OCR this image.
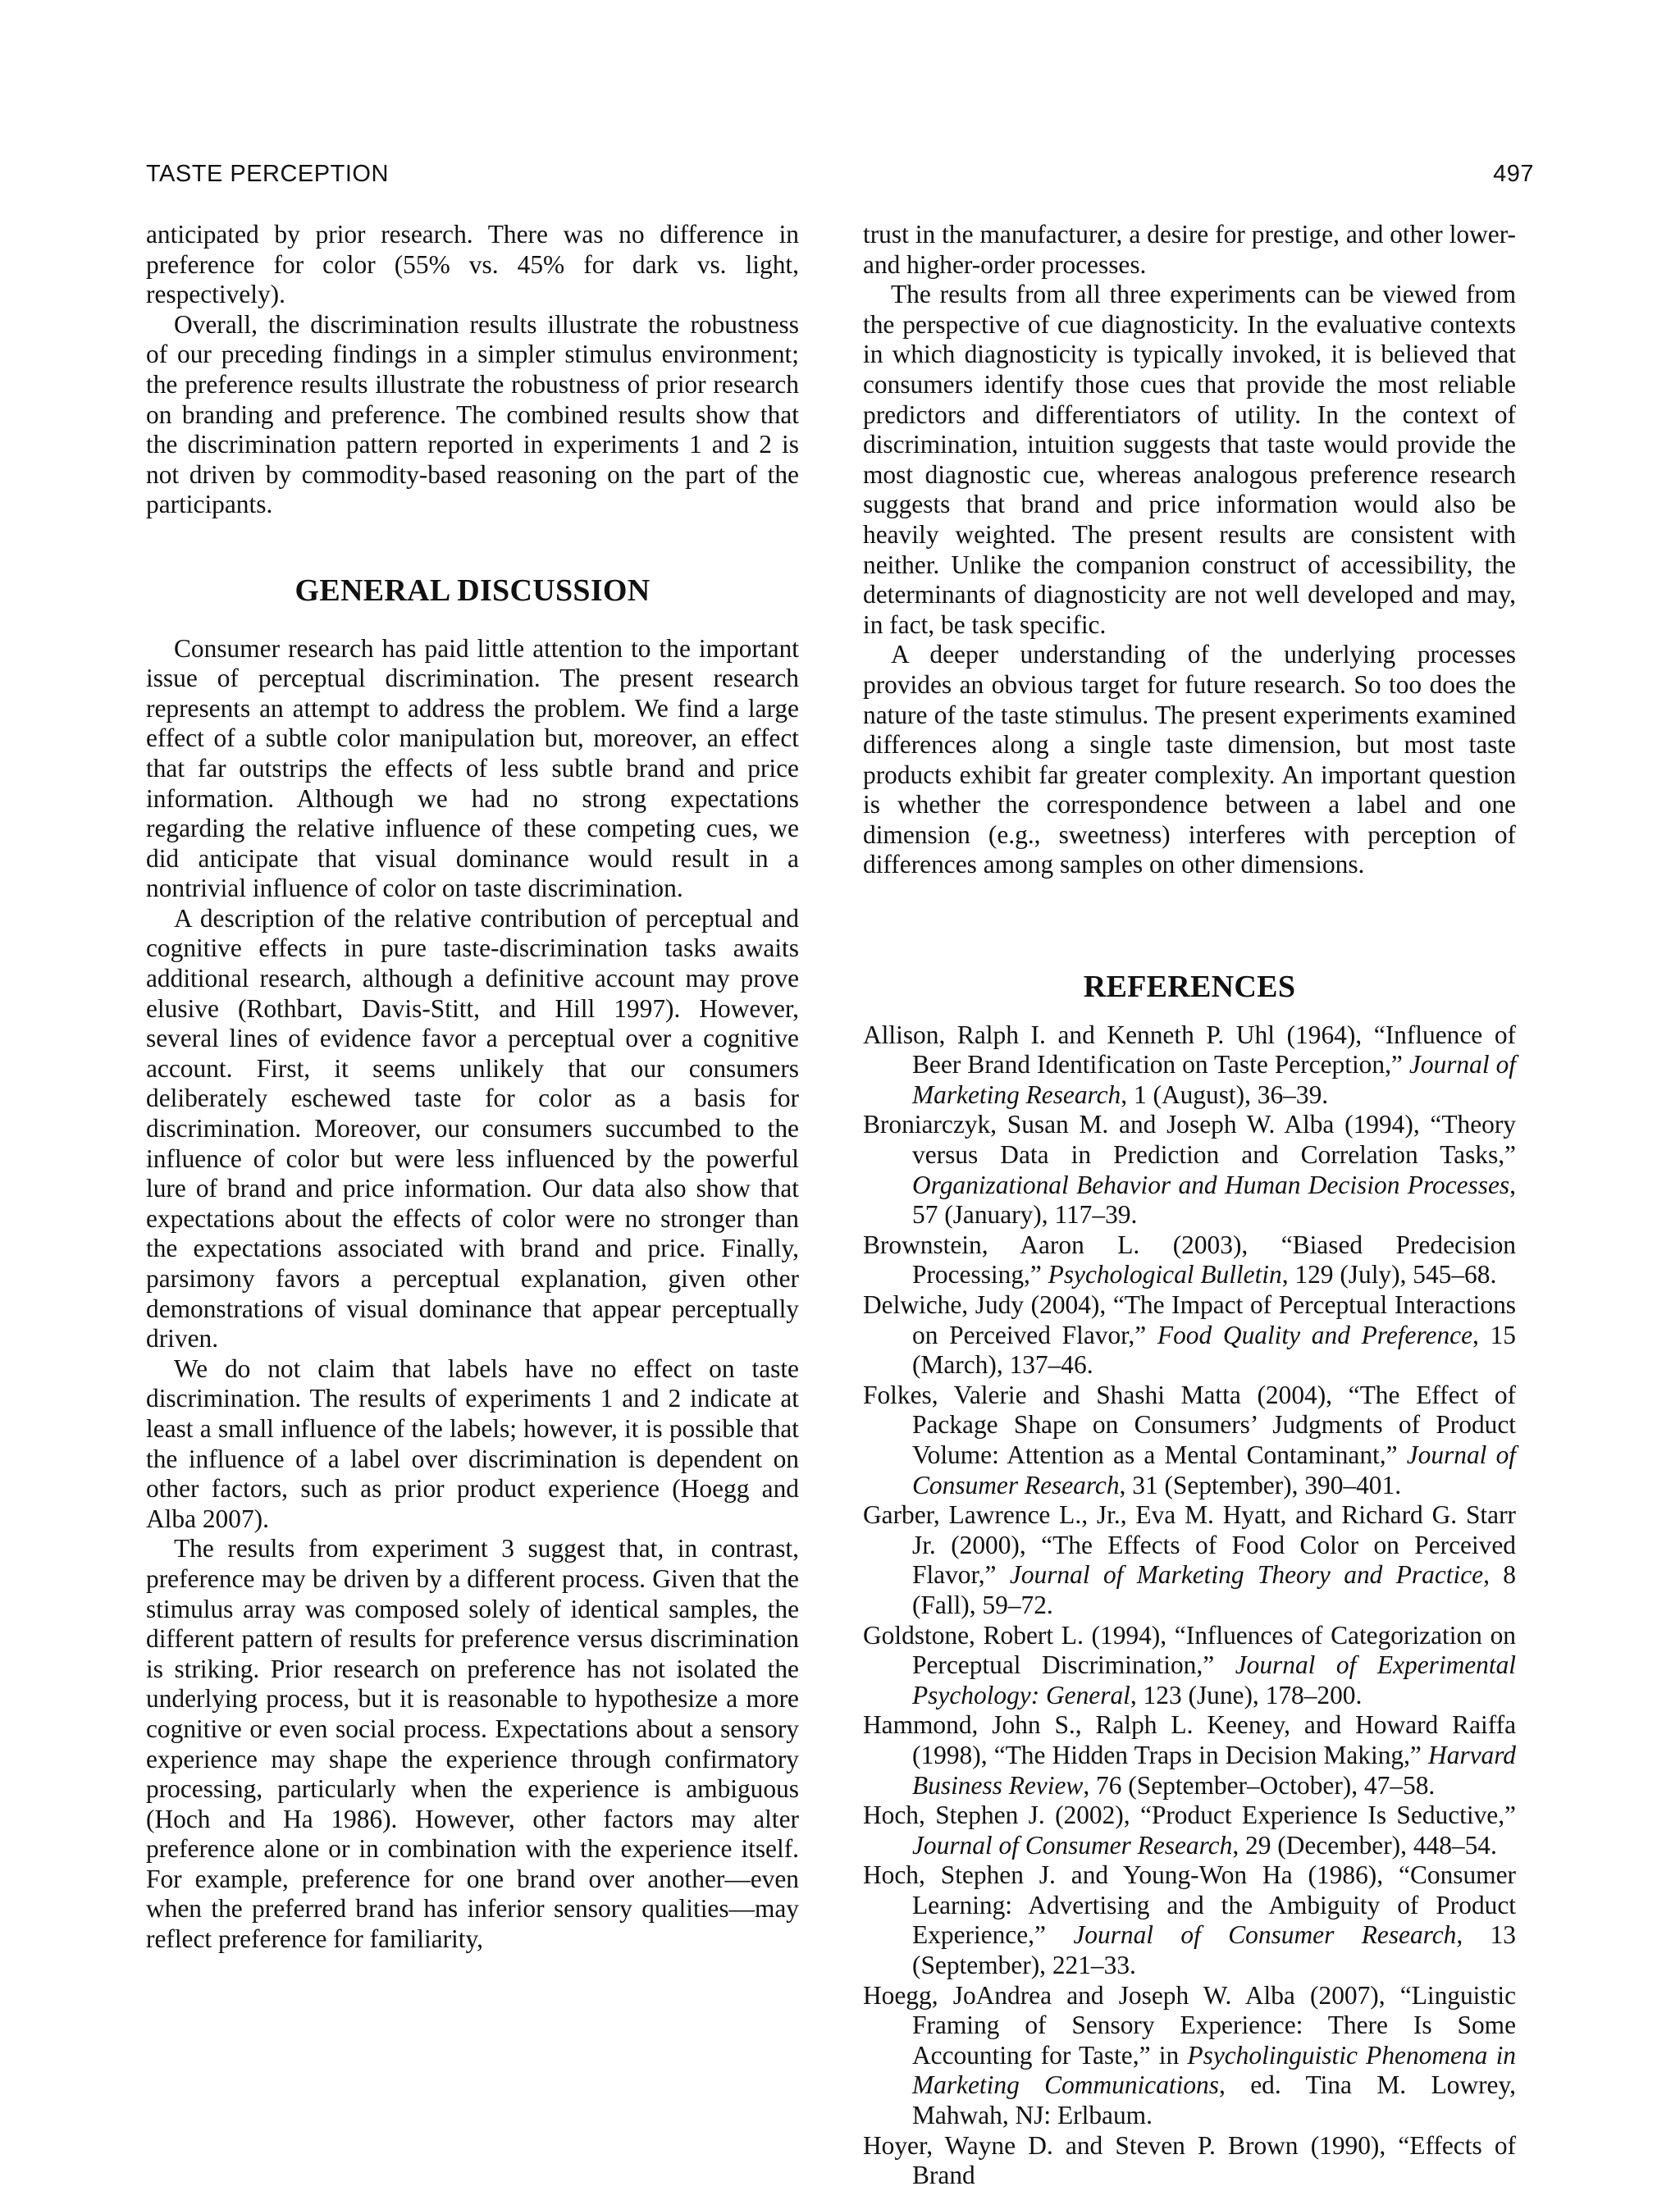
TASTE PERCEPTION	497

anticipated by prior research. There was no difference in preference for color (55% vs. 45% for dark vs. light, respectively).

Overall, the discrimination results illustrate the robustness of our preceding findings in a simpler stimulus environment; the preference results illustrate the robustness of prior research on branding and preference. The combined results show that the discrimination pattern reported in experiments 1 and 2 is not driven by commodity-based reasoning on the part of the participants.

GENERAL DISCUSSION

Consumer research has paid little attention to the important issue of perceptual discrimination. The present research represents an attempt to address the problem. We find a large effect of a subtle color manipulation but, moreover, an effect that far outstrips the effects of less subtle brand and price information. Although we had no strong expectations regarding the relative influence of these competing cues, we did anticipate that visual dominance would result in a nontrivial influence of color on taste discrimination.

A description of the relative contribution of perceptual and cognitive effects in pure taste-discrimination tasks awaits additional research, although a definitive account may prove elusive (Rothbart, Davis-Stitt, and Hill 1997). However, several lines of evidence favor a perceptual over a cognitive account. First, it seems unlikely that our consumers deliberately eschewed taste for color as a basis for discrimination. Moreover, our consumers succumbed to the influence of color but were less influenced by the powerful lure of brand and price information. Our data also show that expectations about the effects of color were no stronger than the expectations associated with brand and price. Finally, parsimony favors a perceptual explanation, given other demonstrations of visual dominance that appear perceptually driven.

We do not claim that labels have no effect on taste discrimination. The results of experiments 1 and 2 indicate at least a small influence of the labels; however, it is possible that the influence of a label over discrimination is dependent on other factors, such as prior product experience (Hoegg and Alba 2007).

The results from experiment 3 suggest that, in contrast, preference may be driven by a different process. Given that the stimulus array was composed solely of identical samples, the different pattern of results for preference versus discrimination is striking. Prior research on preference has not isolated the underlying process, but it is reasonable to hypothesize a more cognitive or even social process. Expectations about a sensory experience may shape the experience through confirmatory processing, particularly when the experience is ambiguous (Hoch and Ha 1986). However, other factors may alter preference alone or in combination with the experience itself. For example, preference for one brand over another—even when the preferred brand has inferior sensory qualities—may reflect preference for familiarity,

trust in the manufacturer, a desire for prestige, and other lower- and higher-order processes.

The results from all three experiments can be viewed from the perspective of cue diagnosticity. In the evaluative contexts in which diagnosticity is typically invoked, it is believed that consumers identify those cues that provide the most reliable predictors and differentiators of utility. In the context of discrimination, intuition suggests that taste would provide the most diagnostic cue, whereas analogous preference research suggests that brand and price information would also be heavily weighted. The present results are consistent with neither. Unlike the companion construct of accessibility, the determinants of diagnosticity are not well developed and may, in fact, be task specific.

A deeper understanding of the underlying processes provides an obvious target for future research. So too does the nature of the taste stimulus. The present experiments examined differences along a single taste dimension, but most taste products exhibit far greater complexity. An important question is whether the correspondence between a label and one dimension (e.g., sweetness) interferes with perception of differences among samples on other dimensions.

REFERENCES
Allison, Ralph I. and Kenneth P. Uhl (1964), “Influence of Beer Brand Identification on Taste Perception,” Journal of Marketing Research, 1 (August), 36–39.
Broniarczyk, Susan M. and Joseph W. Alba (1994), “Theory versus Data in Prediction and Correlation Tasks,” Organizational Behavior and Human Decision Processes, 57 (January), 117–39.
Brownstein, Aaron L. (2003), “Biased Predecision Processing,” Psychological Bulletin, 129 (July), 545–68.
Delwiche, Judy (2004), “The Impact of Perceptual Interactions on Perceived Flavor,” Food Quality and Preference, 15 (March), 137–46.
Folkes, Valerie and Shashi Matta (2004), “The Effect of Package Shape on Consumers’ Judgments of Product Volume: Attention as a Mental Contaminant,” Journal of Consumer Research, 31 (September), 390–401.
Garber, Lawrence L., Jr., Eva M. Hyatt, and Richard G. Starr Jr. (2000), “The Effects of Food Color on Perceived Flavor,” Journal of Marketing Theory and Practice, 8 (Fall), 59–72.
Goldstone, Robert L. (1994), “Influences of Categorization on Perceptual Discrimination,” Journal of Experimental Psychology: General, 123 (June), 178–200.
Hammond, John S., Ralph L. Keeney, and Howard Raiffa (1998), “The Hidden Traps in Decision Making,” Harvard Business Review, 76 (September–October), 47–58.
Hoch, Stephen J. (2002), “Product Experience Is Seductive,” Journal of Consumer Research, 29 (December), 448–54.
Hoch, Stephen J. and Young-Won Ha (1986), “Consumer Learning: Advertising and the Ambiguity of Product Experience,” Journal of Consumer Research, 13 (September), 221–33.
Hoegg, JoAndrea and Joseph W. Alba (2007), “Linguistic Framing of Sensory Experience: There Is Some Accounting for Taste,” in Psycholinguistic Phenomena in Marketing Communications, ed. Tina M. Lowrey, Mahwah, NJ: Erlbaum.
Hoyer, Wayne D. and Steven P. Brown (1990), “Effects of Brand
